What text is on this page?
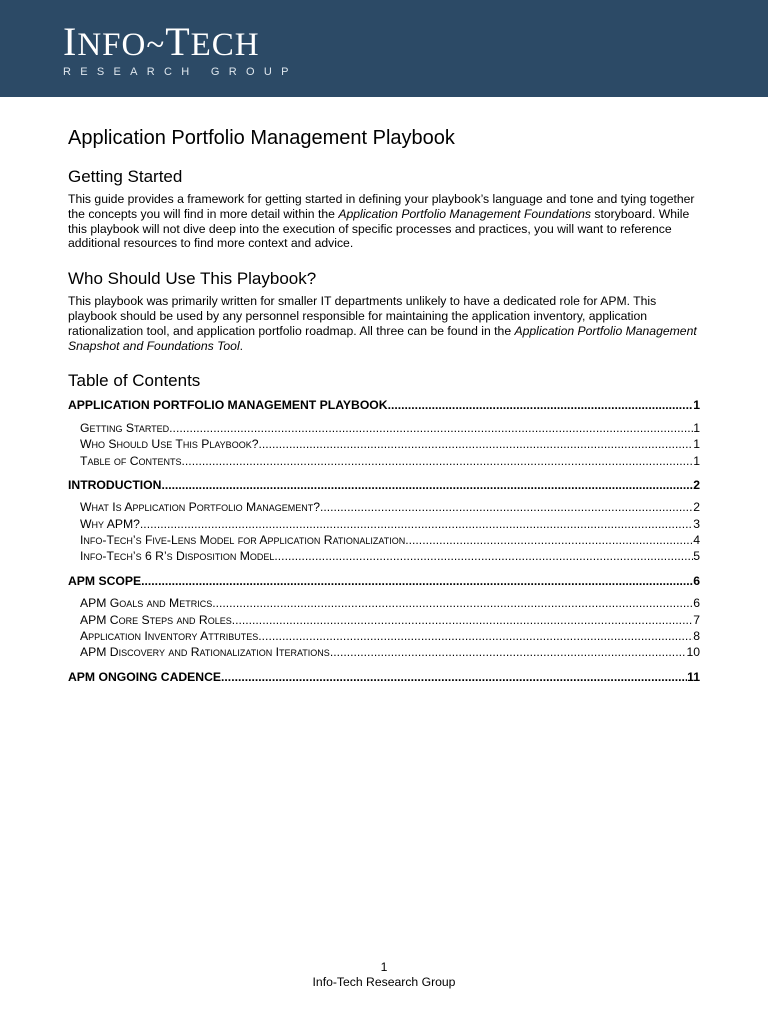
INFO~TECH
RESEARCH GROUP
Application Portfolio Management Playbook
Getting Started

This guide provides a framework for getting started in defining your playbook’s language and tone and tying together the concepts you will find in more detail within the Application Portfolio Management Foundations storyboard. While this playbook will not dive deep into the execution of specific processes and practices, you will want to reference additional resources to find more context and advice.

Who Should Use This Playbook?

This playbook was primarily written for smaller IT departments unlikely to have a dedicated role for APM. This playbook should be used by any personnel responsible for maintaining the application inventory, application rationalization tool, and application portfolio roadmap. All three can be found in the Application Portfolio Management Snapshot and Foundations Tool.

Table of Contents
APPLICATION PORTFOLIO MANAGEMENT PLAYBOOK .....	1
Getting Started .....	1
Who Should Use This Playbook? .....	1
Table of Contents .....	1
INTRODUCTION .....	2
What Is Application Portfolio Management? .....	2
Why APM? .....	3
Info-Tech’s Five-Lens Model for Application Rationalization .....	4
Info-Tech’s 6 R’s Disposition Model .....	5
APM SCOPE .....	6
APM Goals and Metrics .....	6
APM Core Steps and Roles .....	7
Application Inventory Attributes .....	8
APM Discovery and Rationalization Iterations .....	10
APM ONGOING CADENCE .....	11
1
Info-Tech Research Group
